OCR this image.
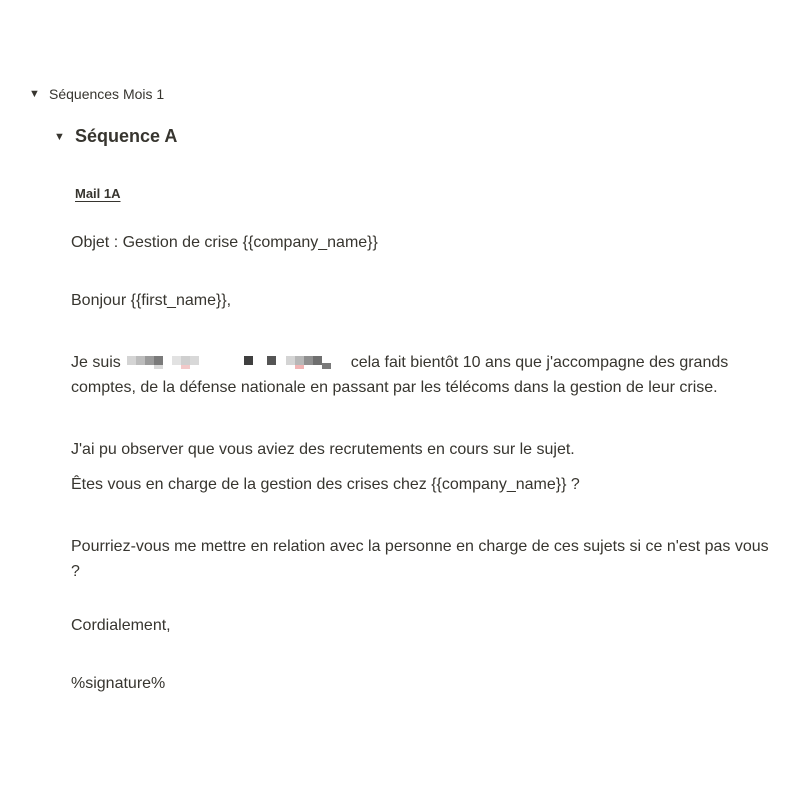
▼ Séquences Mois 1
▼ Séquence A
Mail 1A
Objet : Gestion de crise {{company_name}}
Bonjour {{first_name}},
Je suis	cela fait bientôt 10 ans que j'accompagne des grands comptes, de la défense nationale en passant par les télécoms dans la gestion de leur crise.
J'ai pu observer que vous aviez des recrutements en cours sur le sujet.
Êtes vous en charge de la gestion des crises chez {{company_name}} ?
Pourriez-vous me mettre en relation avec la personne en charge de ces sujets si ce n'est pas vous ?
Cordialement,
%signature%
